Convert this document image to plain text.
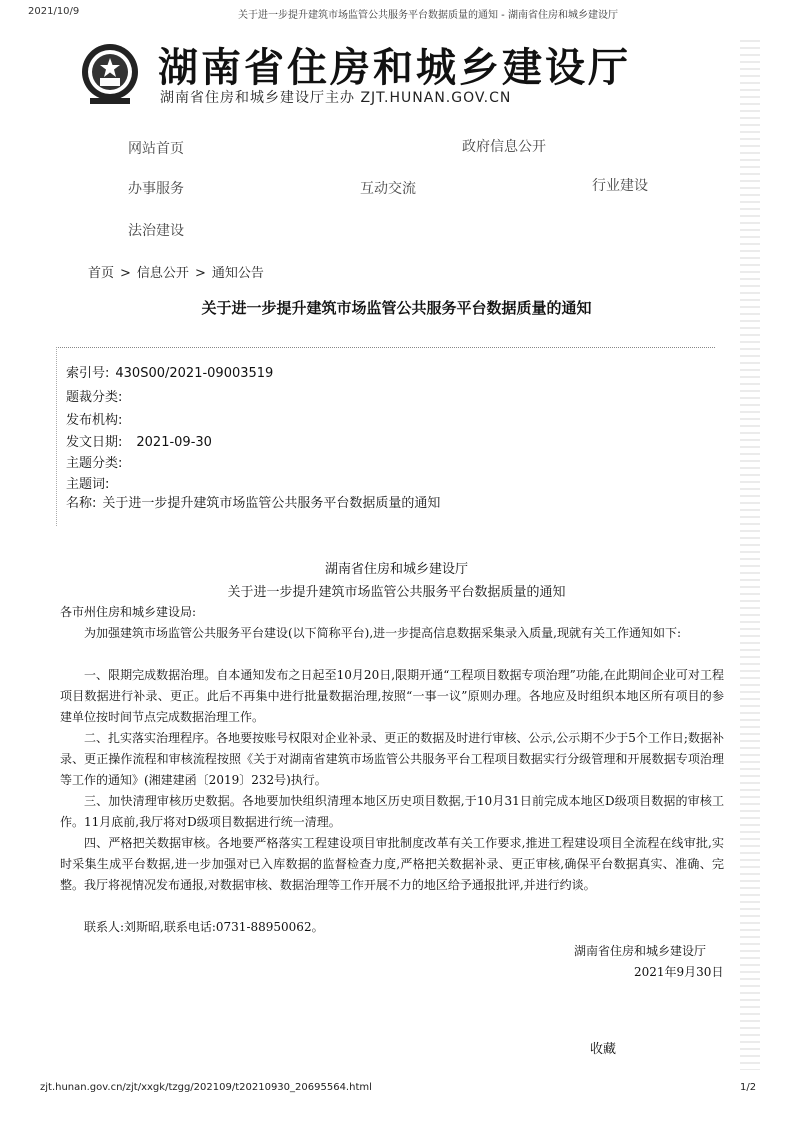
2021/10/9	关于进一步提升建筑市场监管公共服务平台数据质量的通知 - 湖南省住房和城乡建设厅
湖南省住房和城乡建设厅
湖南省住房和城乡建设厅主办 ZJT.HUNAN.GOV.CN
网站首页	政府信息公开
办事服务	互动交流	行业建设
法治建设
首页 > 信息公开 > 通知公告
关于进一步提升建筑市场监管公共服务平台数据质量的通知
索引号: 430S00/2021-09003519
题裁分类:
发布机构:
发文日期: 2021-09-30
主题分类:
主题词:
名称: 关于进一步提升建筑市场监管公共服务平台数据质量的通知
湖南省住房和城乡建设厅
关于进一步提升建筑市场监管公共服务平台数据质量的通知
各市州住房和城乡建设局:
为加强建筑市场监管公共服务平台建设(以下简称平台),进一步提高信息数据采集录入质量,现就有关工作通知如下:
一、限期完成数据治理。自本通知发布之日起至10月20日,限期开通“工程项目数据专项治理”功能,在此期间企业可对工程项目数据进行补录、更正。此后不再集中进行批量数据治理,按照“一事一议”原则办理。各地应及时组织本地区所有项目的参建单位按时间节点完成数据治理工作。
二、扎实落实治理程序。各地要按账号权限对企业补录、更正的数据及时进行审核、公示,公示期不少于5个工作日;数据补录、更正操作流程和审核流程按照《关于对湖南省建筑市场监管公共服务平台工程项目数据实行分级管理和开展数据专项治理等工作的通知》(湘建建函〔2019〕232号)执行。
三、加快清理审核历史数据。各地要加快组织清理本地区历史项目数据,于10月31日前完成本地区D级项目数据的审核工作。11月底前,我厅将对D级项目数据进行统一清理。
四、严格把关数据审核。各地要严格落实工程建设项目审批制度改革有关工作要求,推进工程建设项目全流程在线审批,实时采集生成平台数据,进一步加强对已入库数据的监督检查力度,严格把关数据补录、更正审核,确保平台数据真实、准确、完整。我厅将视情况发布通报,对数据审核、数据治理等工作开展不力的地区给予通报批评,并进行约谈。
联系人:刘斯昭,联系电话:0731-88950062。
湖南省住房和城乡建设厅
2021年9月30日
收藏
zjt.hunan.gov.cn/zjt/xxgk/tzgg/202109/t20210930_20695564.html	1/2
